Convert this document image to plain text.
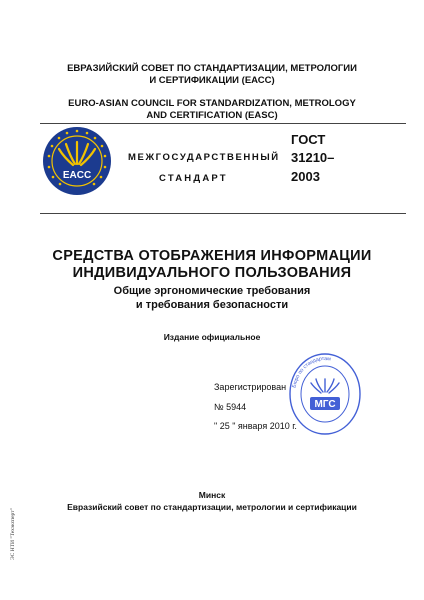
ЕВРАЗИЙСКИЙ СОВЕТ ПО СТАНДАРТИЗАЦИИ, МЕТРОЛОГИИ
И СЕРТИФИКАЦИИ (ЕАСС)
EURO-ASIAN COUNCIL FOR STANDARDIZATION, METROLOGY
AND CERTIFICATION (EASC)
EACC
МЕЖГОСУДАРСТВЕННЫЙ
СТАНДАРТ
ГОСТ
31210–
2003
СРЕДСТВА ОТОБРАЖЕНИЯ ИНФОРМАЦИИ
ИНДИВИДУАЛЬНОГО ПОЛЬЗОВАНИЯ
Общие эргономические требования
и требования безопасности
Издание официальное
Зарегистрирован
№ 5944
" 25 " января 2010 г.
Бюро по стандартам
МГС
Минск
Евразийский совет по стандартизации, метрологии и сертификации
ЭС НТИ "Техэксперт"
